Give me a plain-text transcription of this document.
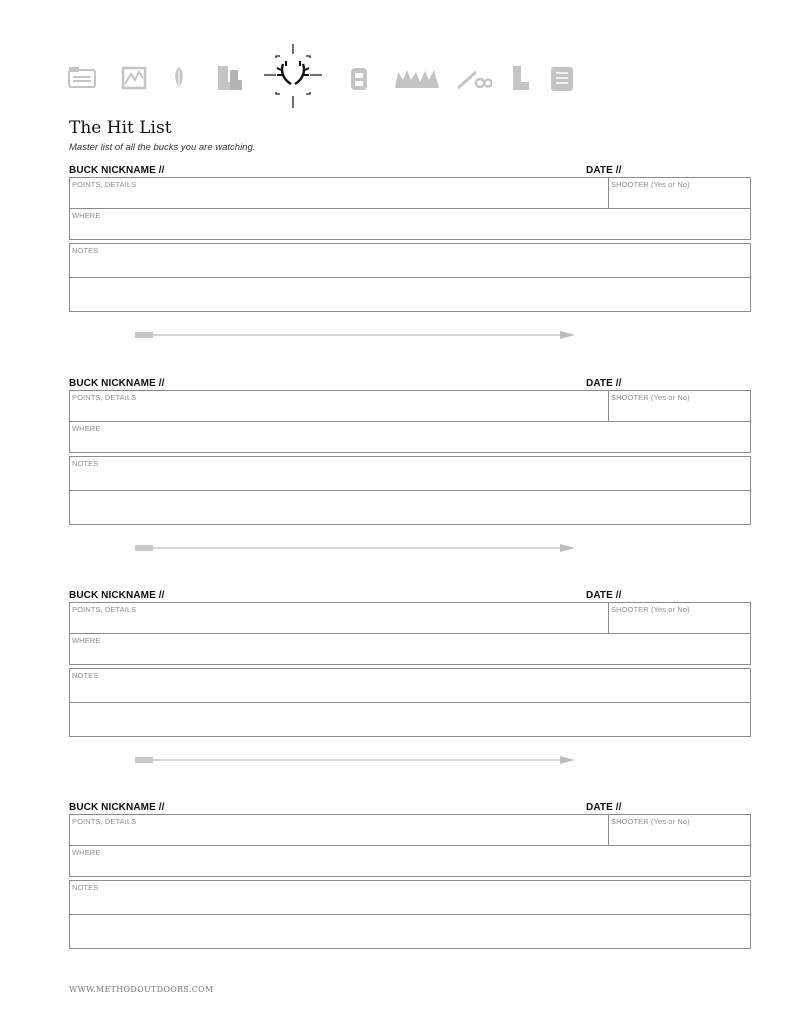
The Hit List
Master list of all the bucks you are watching.
BUCK NICKNAME //	DATE //
POINTS, DETAILS	SHOOTER (Yes or No)
WHERE
NOTES
BUCK NICKNAME //	DATE //
POINTS, DETAILS	SHOOTER (Yes or No)
WHERE
NOTES
BUCK NICKNAME //	DATE //
POINTS, DETAILS	SHOOTER (Yes or No)
WHERE
NOTES
BUCK NICKNAME //	DATE //
POINTS, DETAILS	SHOOTER (Yes or No)
WHERE
NOTES
WWW.METHODOUTDOORS.COM
